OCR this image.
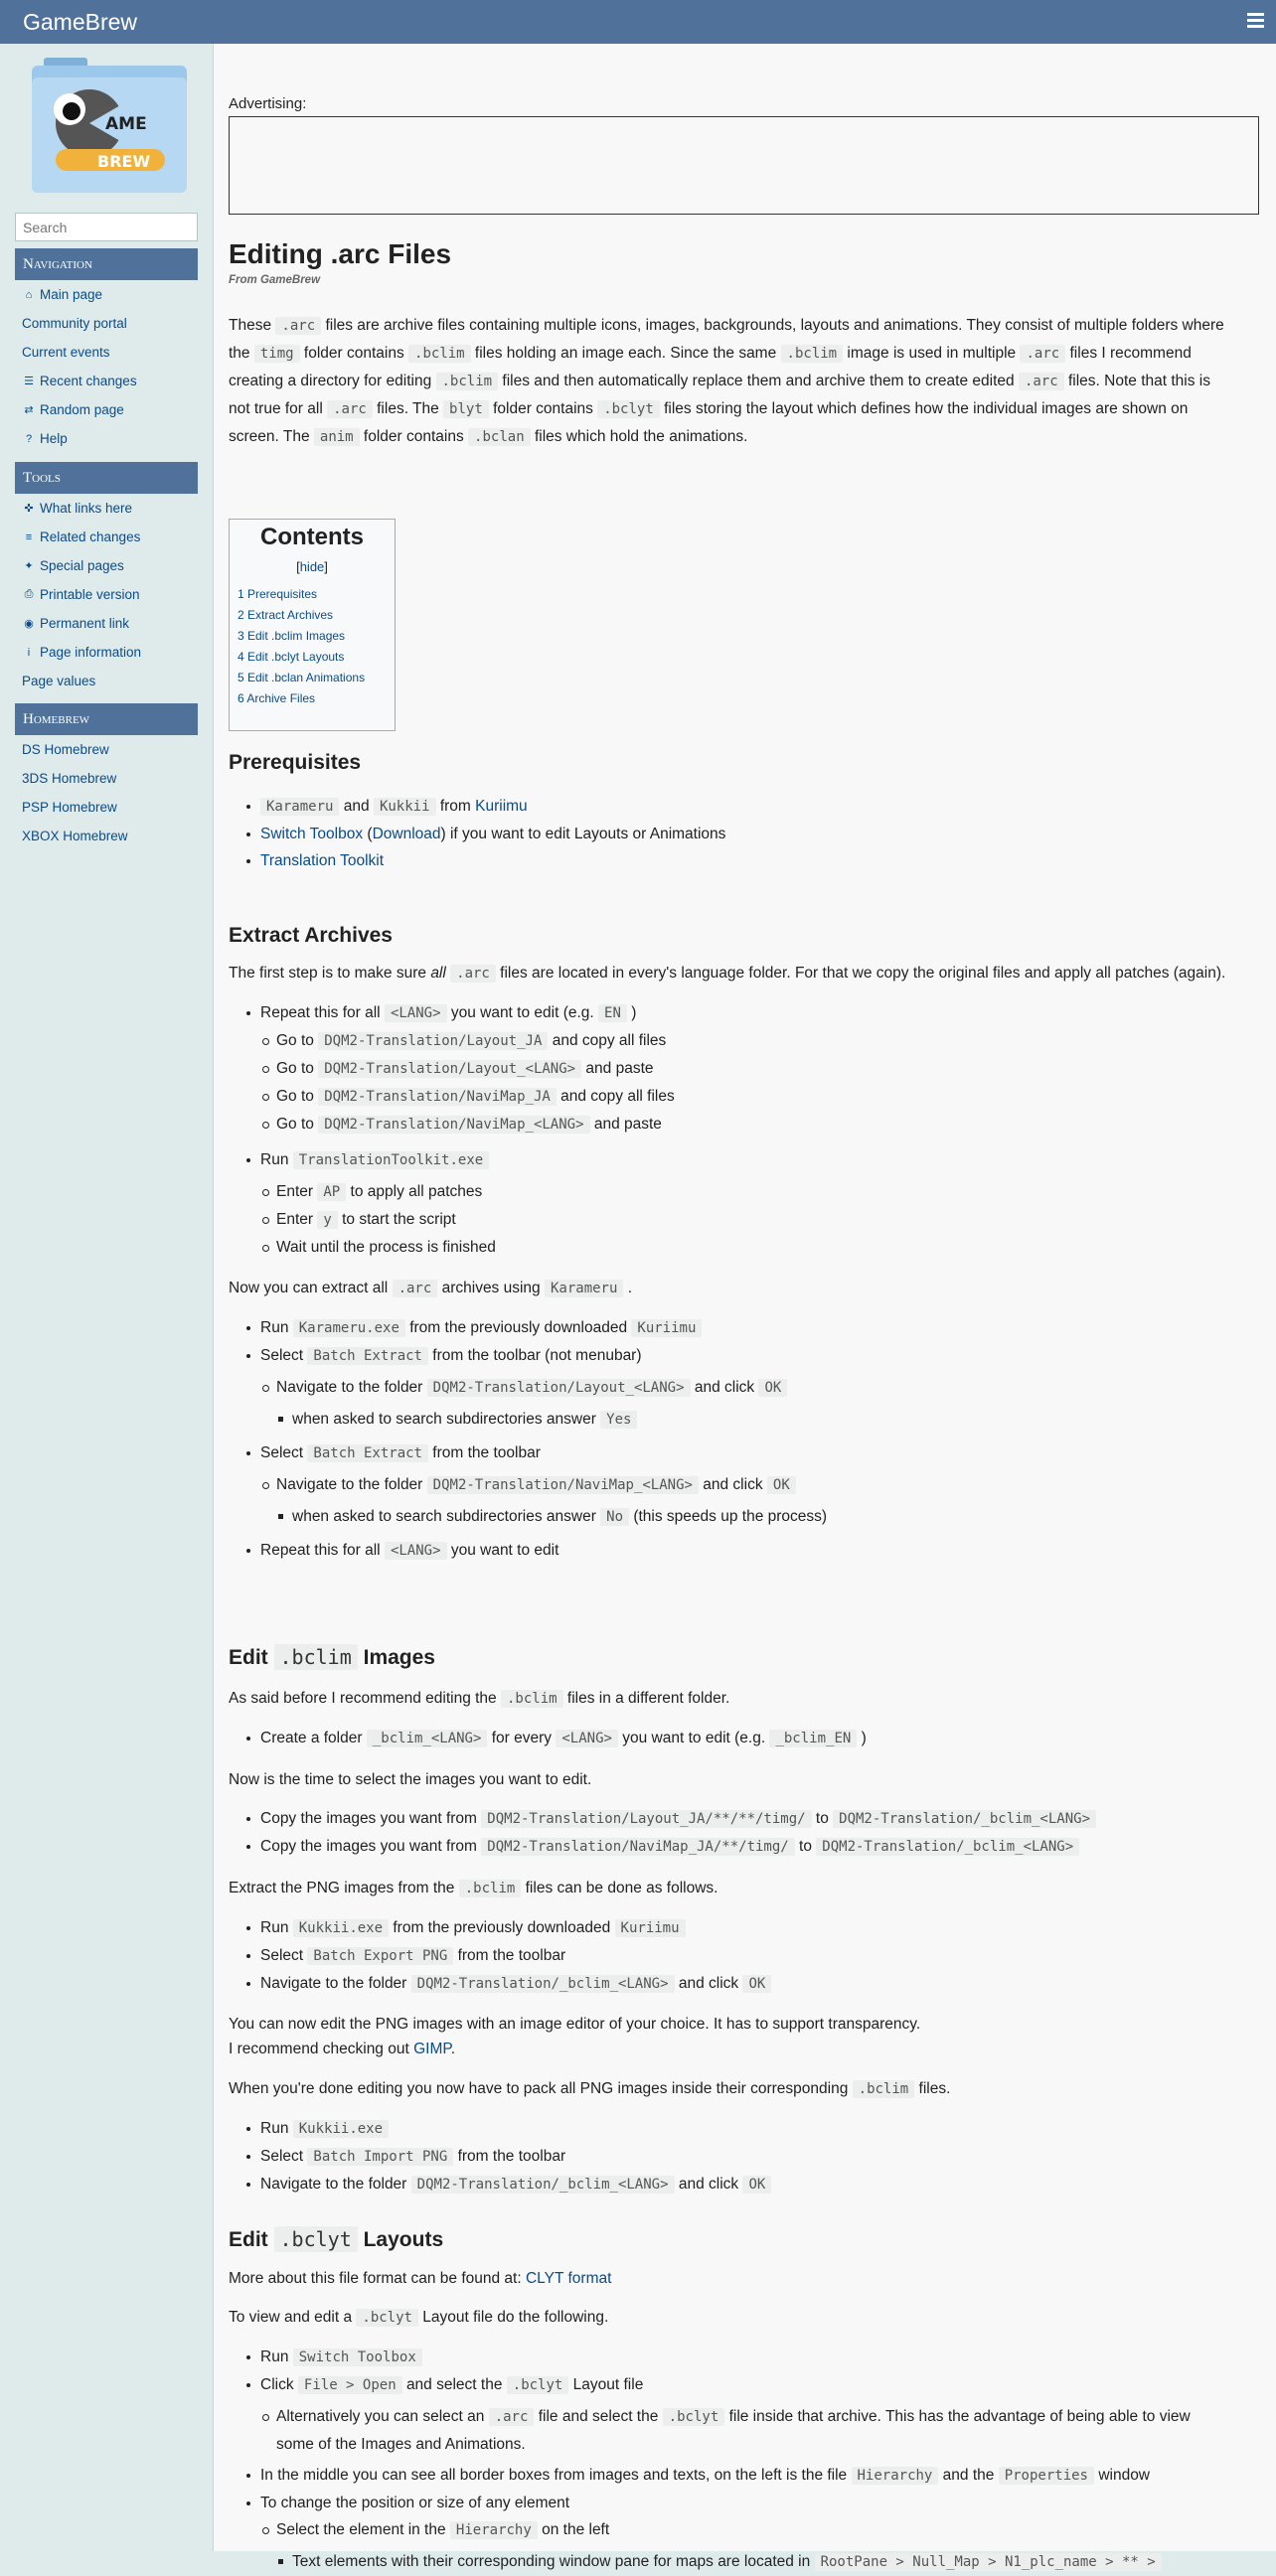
GameBrew
AME
BREW
Search
Navigation
⌂ Main page
Community portal
Current events
☰ Recent changes
⇄ Random page
? Help
Tools
✜ What links here
≡ Related changes
✦ Special pages
⎙ Printable version
◉ Permanent link
i Page information
Page values
Homebrew
DS Homebrew
3DS Homebrew
PSP Homebrew
XBOX Homebrew
Advertising:
Editing .arc Files
From GameBrew

These .arc files are archive files containing multiple icons, images, backgrounds, layouts and animations. They consist of multiple folders where

the timg folder contains .bclim files holding an image each. Since the same .bclim image is used in multiple .arc files I recommend

creating a directory for editing .bclim files and then automatically replace them and archive them to create edited .arc files. Note that this is

not true for all .arc files. The blyt folder contains .bclyt files storing the layout which defines how the individual images are shown on

screen. The anim folder contains .bclan files which hold the animations.

Contents
[hide]
1 Prerequisites
2 Extract Archives
3 Edit .bclim Images
4 Edit .bclyt Layouts
5 Edit .bclan Animations
6 Archive Files
Prerequisites

Karameru and Kukkii from Kuriimu
Switch Toolbox (Download) if you want to edit Layouts or Animations
Translation Toolkit
Extract Archives

The first step is to make sure all .arc files are located in every's language folder. For that we copy the original files and apply all patches (again).

Repeat this for all <LANG> you want to edit (e.g. EN )
Go to DQM2-Translation/Layout_JA and copy all files
Go to DQM2-Translation/Layout_<LANG> and paste
Go to DQM2-Translation/NaviMap_JA and copy all files
Go to DQM2-Translation/NaviMap_<LANG> and paste
Run TranslationToolkit.exe
Enter AP to apply all patches
Enter y to start the script
Wait until the process is finished

Now you can extract all .arc archives using Karameru .

Run Karameru.exe from the previously downloaded Kuriimu
Select Batch Extract from the toolbar (not menubar)
Navigate to the folder DQM2-Translation/Layout_<LANG> and click OK
when asked to search subdirectories answer Yes
Select Batch Extract from the toolbar
Navigate to the folder DQM2-Translation/NaviMap_<LANG> and click OK
when asked to search subdirectories answer No (this speeds up the process)
Repeat this for all <LANG> you want to edit
Edit .bclim Images

As said before I recommend editing the .bclim files in a different folder.

Create a folder _bclim_<LANG> for every <LANG> you want to edit (e.g. _bclim_EN )

Now is the time to select the images you want to edit.

Copy the images you want from DQM2-Translation/Layout_JA/**/**/timg/ to DQM2-Translation/_bclim_<LANG>
Copy the images you want from DQM2-Translation/NaviMap_JA/**/timg/ to DQM2-Translation/_bclim_<LANG>

Extract the PNG images from the .bclim files can be done as follows.

Run Kukkii.exe from the previously downloaded Kuriimu
Select Batch Export PNG from the toolbar
Navigate to the folder DQM2-Translation/_bclim_<LANG> and click OK

You can now edit the PNG images with an image editor of your choice. It has to support transparency.

I recommend checking out GIMP.

When you're done editing you now have to pack all PNG images inside their corresponding .bclim files.

Run Kukkii.exe
Select Batch Import PNG from the toolbar
Navigate to the folder DQM2-Translation/_bclim_<LANG> and click OK
Edit .bclyt Layouts

More about this file format can be found at: CLYT format

To view and edit a .bclyt Layout file do the following.

Run Switch Toolbox
Click File > Open and select the .bclyt Layout file
Alternatively you can select an .arc file and select the .bclyt file inside that archive. This has the advantage of being able to view
some of the Images and Animations.
In the middle you can see all border boxes from images and texts, on the left is the file Hierarchy and the Properties window
To change the position or size of any element
Select the element in the Hierarchy on the left
Text elements with their corresponding window pane for maps are located in RootPane > Null_Map > N1_plc_name > ** >
